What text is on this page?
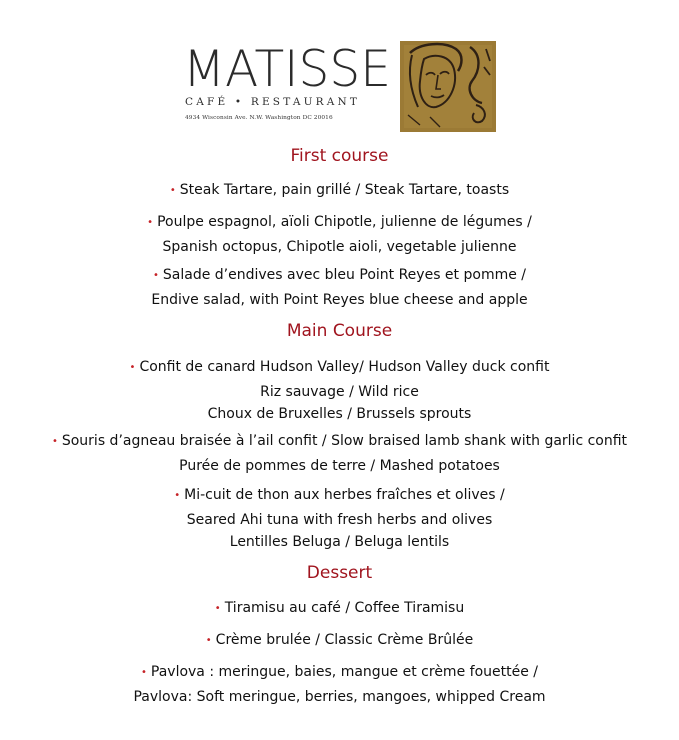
MATISSE
CAFÉ • RESTAURANT
4934 Wisconsin Ave. N.W. Washington DC 20016
First course
• Steak Tartare, pain grillé / Steak Tartare, toasts
• Poulpe espagnol, aïoli Chipotle, julienne de légumes /
Spanish octopus, Chipotle aioli, vegetable julienne
• Salade d’endives avec bleu Point Reyes et pomme /
Endive salad, with Point Reyes blue cheese and apple
Main Course
• Confit de canard Hudson Valley/ Hudson Valley duck confit
Riz sauvage / Wild rice
Choux de Bruxelles / Brussels sprouts
• Souris d’agneau braisée à l’ail confit / Slow braised lamb shank with garlic confit
Purée de pommes de terre / Mashed potatoes
• Mi-cuit de thon aux herbes fraîches et olives /
Seared Ahi tuna with fresh herbs and olives
Lentilles Beluga / Beluga lentils
Dessert
• Tiramisu au café / Coffee Tiramisu
• Crème brulée / Classic Crème Brûlée
• Pavlova : meringue, baies, mangue et crème fouettée /
Pavlova: Soft meringue, berries, mangoes, whipped Cream
